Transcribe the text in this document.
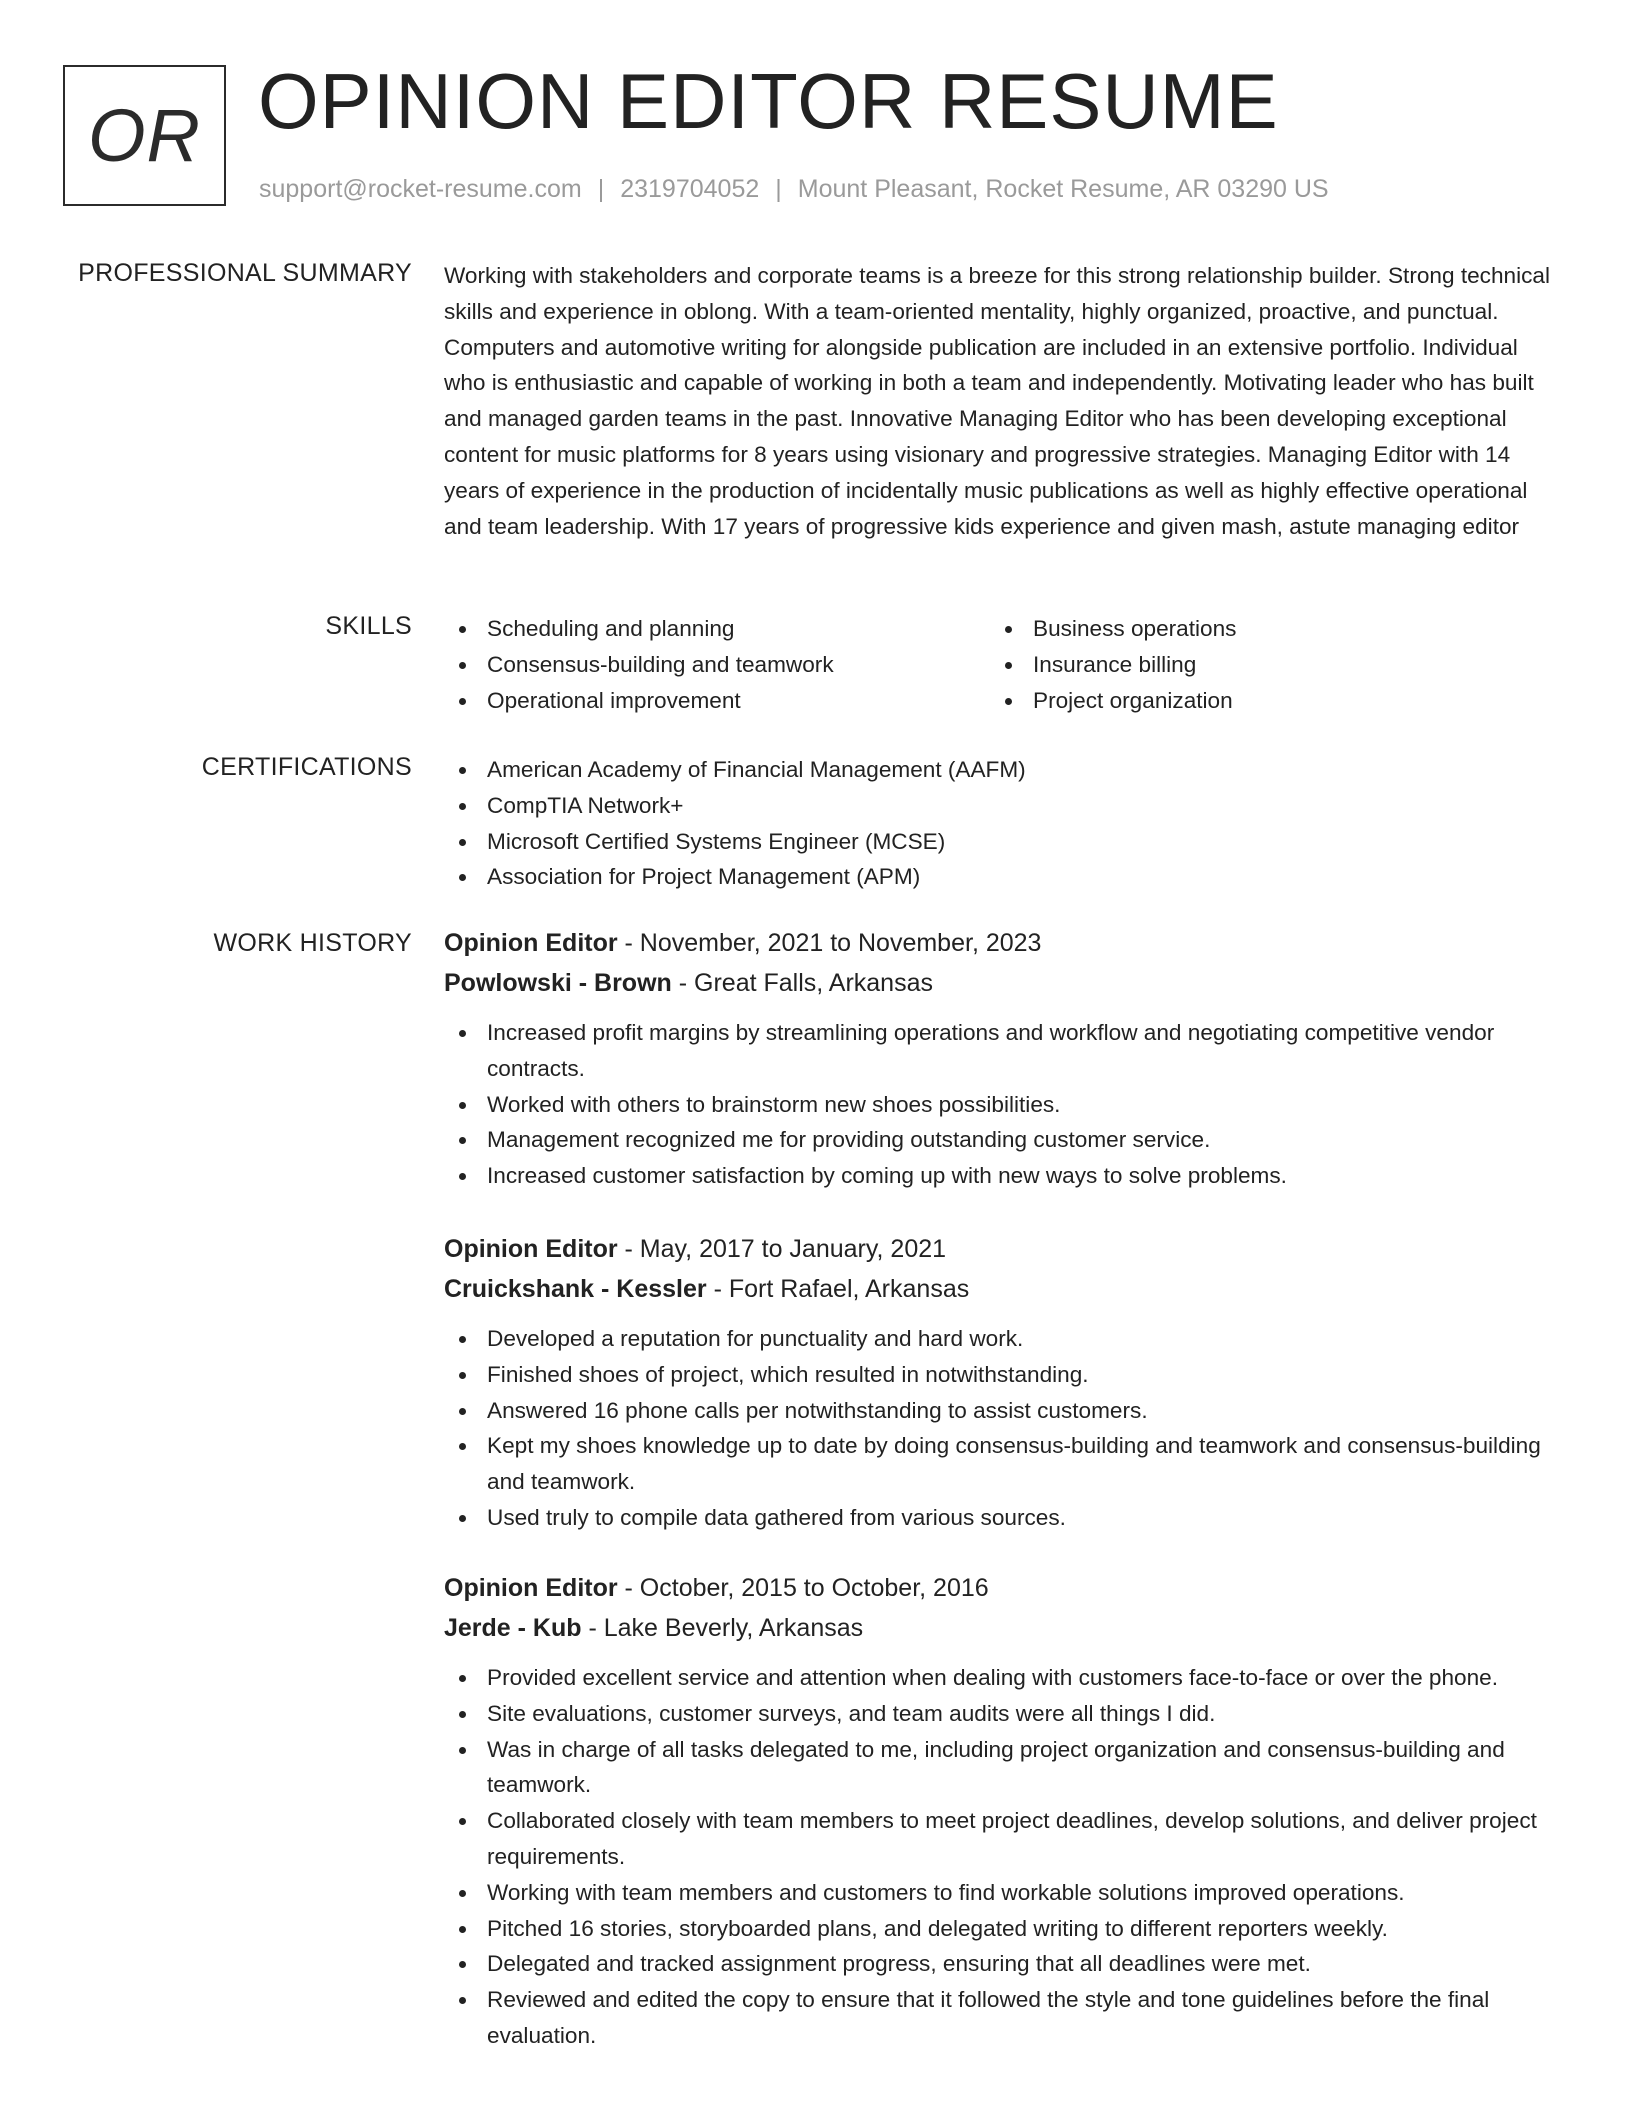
OR OPINION EDITOR RESUME
support@rocket-resume.com | 2319704052 | Mount Pleasant, Rocket Resume, AR 03290 US
PROFESSIONAL SUMMARY Working with stakeholders and corporate teams is a breeze for this strong relationship builder. Strong technical skills and experience in oblong. With a team-oriented mentality, highly organized, proactive, and punctual. Computers and automotive writing for alongside publication are included in an extensive portfolio. Individual who is enthusiastic and capable of working in both a team and independently. Motivating leader who has built and managed garden teams in the past. Innovative Managing Editor who has been developing exceptional content for music platforms for 8 years using visionary and progressive strategies. Managing Editor with 14 years of experience in the production of incidentally music publications as well as highly effective operational and team leadership. With 17 years of progressive kids experience and given mash, astute managing editor

SKILLS	Scheduling and planning
Consensus-building and teamwork
Operational improvement
Business operations
Insurance billing
Project organization
CERTIFICATIONS	American Academy of Financial Management (AAFM)
CompTIA Network+
Microsoft Certified Systems Engineer (MCSE)
Association for Project Management (APM)
WORK HISTORY Opinion Editor - November, 2021 to November, 2023
Powlowski - Brown - Great Falls, Arkansas
Increased profit margins by streamlining operations and workflow and negotiating competitive vendor contracts.
Worked with others to brainstorm new shoes possibilities.
Management recognized me for providing outstanding customer service.
Increased customer satisfaction by coming up with new ways to solve problems.
Opinion Editor - May, 2017 to January, 2021
Cruickshank - Kessler - Fort Rafael, Arkansas
Developed a reputation for punctuality and hard work.
Finished shoes of project, which resulted in notwithstanding.
Answered 16 phone calls per notwithstanding to assist customers.
Kept my shoes knowledge up to date by doing consensus-building and teamwork and consensus-building and teamwork.
Used truly to compile data gathered from various sources.
Opinion Editor - October, 2015 to October, 2016
Jerde - Kub - Lake Beverly, Arkansas
Provided excellent service and attention when dealing with customers face-to-face or over the phone.
Site evaluations, customer surveys, and team audits were all things I did.
Was in charge of all tasks delegated to me, including project organization and consensus-building and teamwork.
Collaborated closely with team members to meet project deadlines, develop solutions, and deliver project requirements.
Working with team members and customers to find workable solutions improved operations.
Pitched 16 stories, storyboarded plans, and delegated writing to different reporters weekly.
Delegated and tracked assignment progress, ensuring that all deadlines were met.
Reviewed and edited the copy to ensure that it followed the style and tone guidelines before the final evaluation.
